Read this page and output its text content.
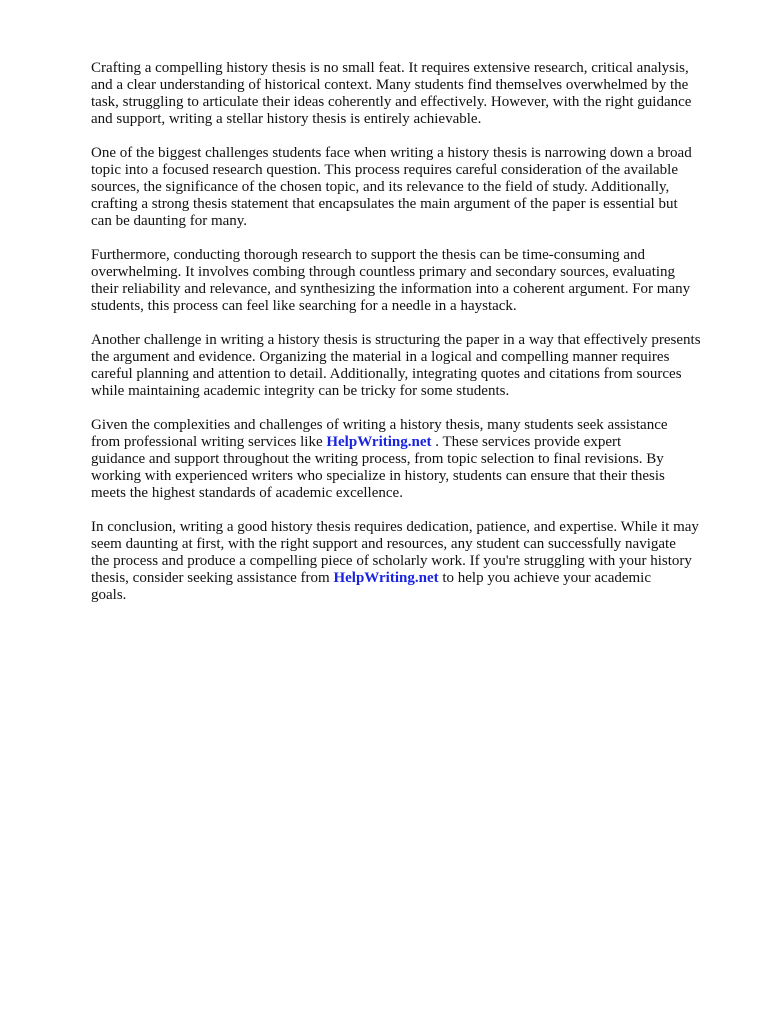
Crafting a compelling history thesis is no small feat. It requires extensive research, critical analysis,
and a clear understanding of historical context. Many students find themselves overwhelmed by the
task, struggling to articulate their ideas coherently and effectively. However, with the right guidance
and support, writing a stellar history thesis is entirely achievable.

One of the biggest challenges students face when writing a history thesis is narrowing down a broad
topic into a focused research question. This process requires careful consideration of the available
sources, the significance of the chosen topic, and its relevance to the field of study. Additionally,
crafting a strong thesis statement that encapsulates the main argument of the paper is essential but
can be daunting for many.

Furthermore, conducting thorough research to support the thesis can be time-consuming and
overwhelming. It involves combing through countless primary and secondary sources, evaluating
their reliability and relevance, and synthesizing the information into a coherent argument. For many
students, this process can feel like searching for a needle in a haystack.

Another challenge in writing a history thesis is structuring the paper in a way that effectively presents
the argument and evidence. Organizing the material in a logical and compelling manner requires
careful planning and attention to detail. Additionally, integrating quotes and citations from sources
while maintaining academic integrity can be tricky for some students.

Given the complexities and challenges of writing a history thesis, many students seek assistance
from professional writing services like HelpWriting.net . These services provide expert
guidance and support throughout the writing process, from topic selection to final revisions. By
working with experienced writers who specialize in history, students can ensure that their thesis
meets the highest standards of academic excellence.

In conclusion, writing a good history thesis requires dedication, patience, and expertise. While it may
seem daunting at first, with the right support and resources, any student can successfully navigate
the process and produce a compelling piece of scholarly work. If you're struggling with your history
thesis, consider seeking assistance from HelpWriting.net to help you achieve your academic
goals.
